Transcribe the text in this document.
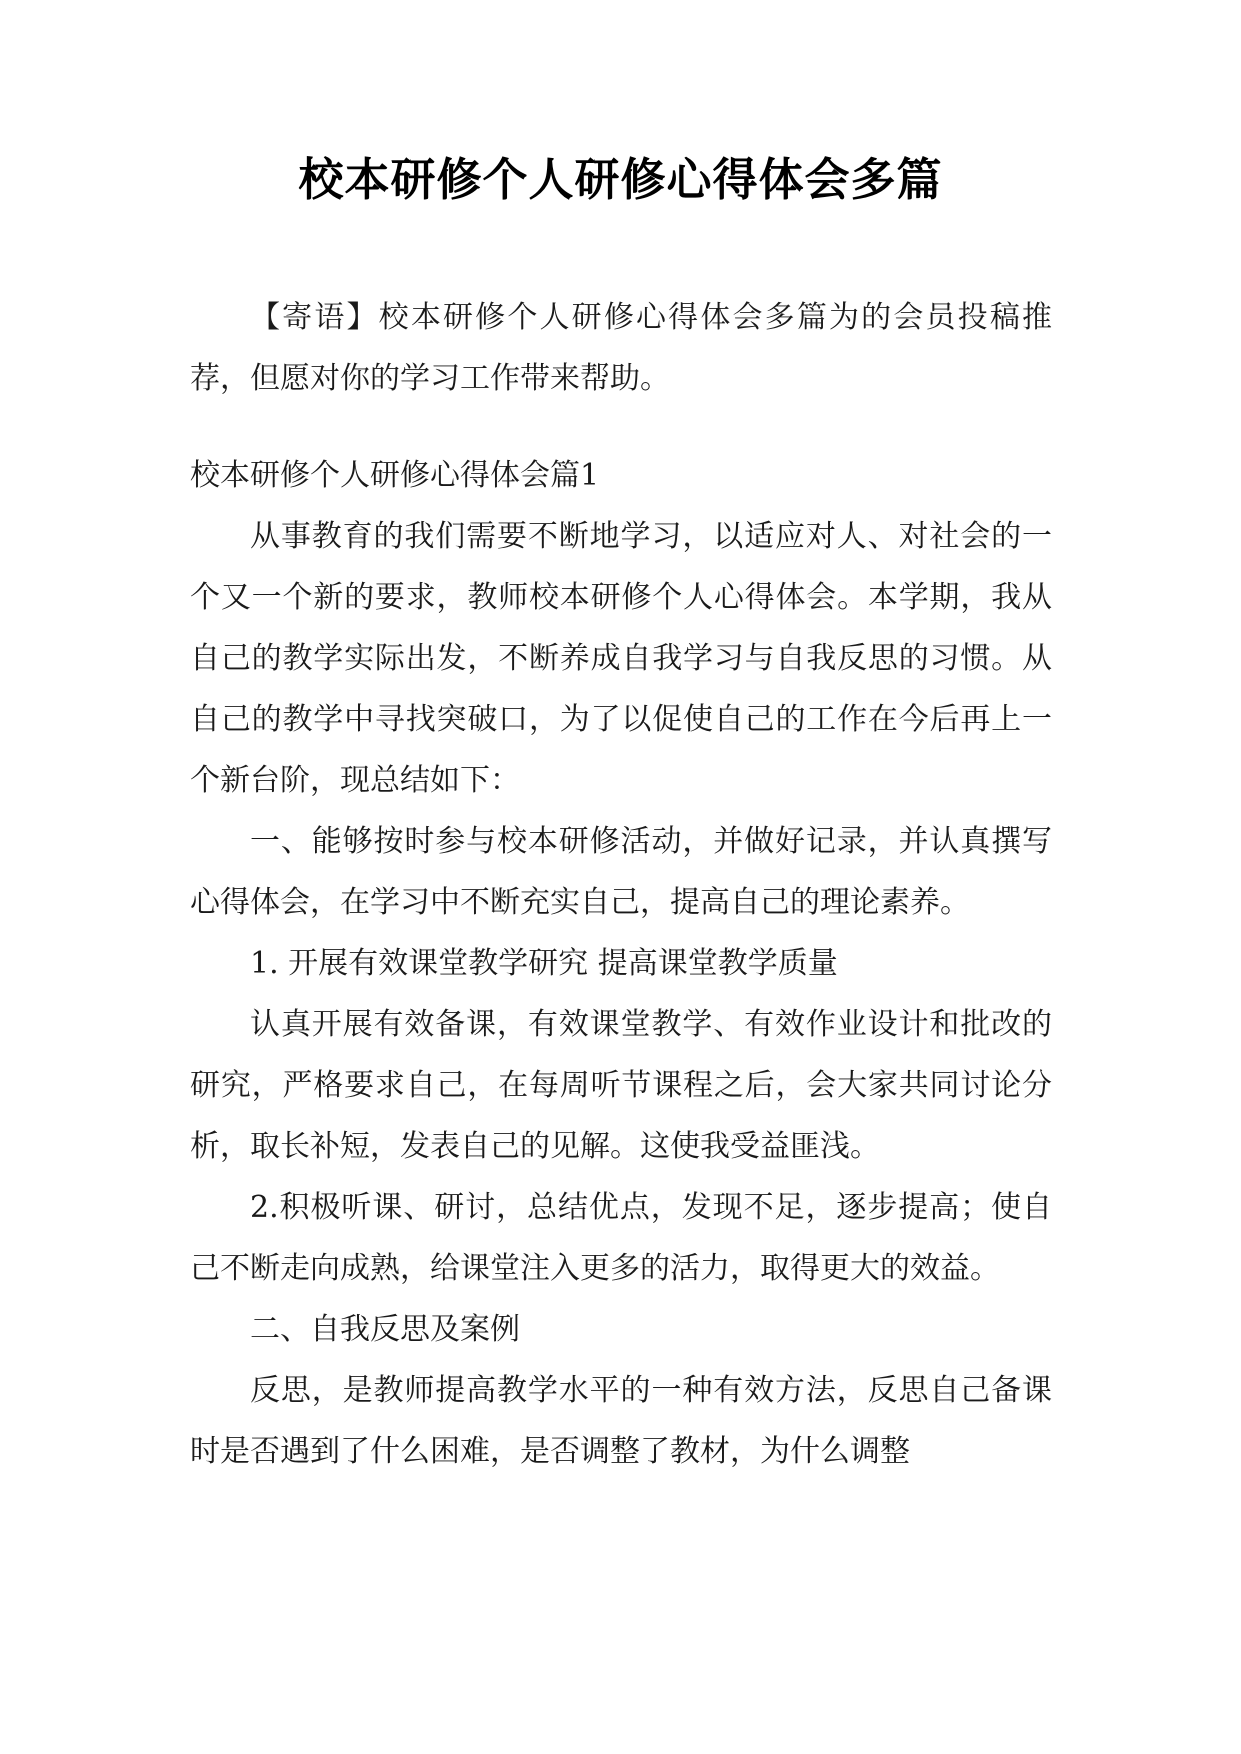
校本研修个人研修心得体会多篇

【寄语】校本研修个人研修心得体会多篇为的会员投稿推荐，但愿对你的学习工作带来帮助。

校本研修个人研修心得体会篇1

从事教育的我们需要不断地学习，以适应对人、对社会的一个又一个新的要求，教师校本研修个人心得体会。本学期，我从自己的教学实际出发，不断养成自我学习与自我反思的习惯。从自己的教学中寻找突破口，为了以促使自己的工作在今后再上一个新台阶，现总结如下：

一、能够按时参与校本研修活动，并做好记录，并认真撰写心得体会，在学习中不断充实自己，提高自己的理论素养。

1. 开展有效课堂教学研究 提高课堂教学质量

认真开展有效备课，有效课堂教学、有效作业设计和批改的研究，严格要求自己，在每周听节课程之后，会大家共同讨论分析，取长补短，发表自己的见解。这使我受益匪浅。

2.积极听课、研讨，总结优点，发现不足，逐步提高；使自己不断走向成熟，给课堂注入更多的活力，取得更大的效益。

二、自我反思及案例

反思，是教师提高教学水平的一种有效方法，反思自己备课时是否遇到了什么困难，是否调整了教材，为什么调整
